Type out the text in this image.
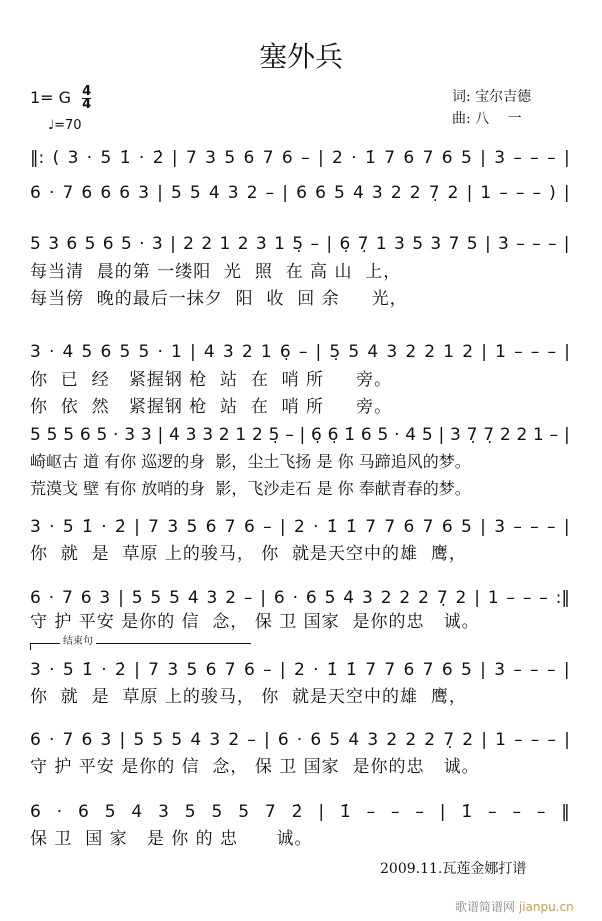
塞外兵
1= G $\frac{4}{4}$
♩=70
词: 宝尔吉德
曲: 八　 一
‖: ( 3 · 5 1̇ · 2̇ | 7 3 5 6 7 6 – | 2 · 1̇ 7 6 7 6 5 | 3 – – – |
6 · 7 6 6 6 3 | 5 5 4 3 2 – | 6 6 5 4 3 2 2 7̣ 2 | 1 – – – ) |
5 3 6 5 6 5 · 3 | 2 2 1 2 3 1 5̣ – | 6̣ 7̣ 1 3 5 3 7 5 | 3 – – – |
每当清  晨的第 一缕阳  光  照  在 高 山  上，
每当傍  晚的最后一抹夕  阳  收  回 余     光，
3 · 4 5 6 5 5 · 1 | 4 3 2 1 6̣ – | 5̣ 5 4 3 2 2 1 2 | 1 – – – |
你  已  经   紧握钢 枪  站  在  哨 所     旁。
你  依  然   紧握钢 枪  站  在  哨 所     旁。
5 5 5 6 5 · 3 3 | 4 3 3 2 1 2 5̣ – | 6̣ 6̣ 1̇ 6 5 · 4 5 | 3 7̣ 7̣ 2 2 1 – |
崎岖古 道 有你 巡逻的身  影，尘土飞扬 是 你 马蹄追风的梦。
荒漠戈 壁 有你 放哨的身  影，飞沙走石 是 你 奉献青春的梦。
3 · 5 1̇ · 2̇ | 7 3 5 6 7 6 – | 2 · 1̇ 1̇ 7 7 6 7 6 5 | 3 – – – |
你  就  是  草原 上的骏马， 你  就是天空中的雄  鹰，
6 · 7 6 3 | 5 5 5 4 3 2 – | 6 · 6 5 4 3 2 2 2 7̣ 2 | 1 – – – :‖
守 护 平安 是你的 信  念， 保 卫 国家  是你的忠   诚。
结束句
3 · 5 1̇ · 2̇ | 7 3 5 6 7 6 – | 2 · 1̇ 1̇ 7 7 6 7 6 5 | 3 – – – |
你  就  是  草原 上的骏马， 你  就是天空中的雄  鹰，
6 · 7 6 3 | 5 5 5 4 3 2 – | 6 · 6 5 4 3 2 2 2 7̣ 2 | 1 – – – |
守 护 平安 是你的 信  念， 保 卫 国家  是你的忠   诚。
6 · 6 5 4 3 5 5 5 7 2̇ | 1̇ – – – | 1̇ – – – ‖
保 卫  国 家   是 你 的 忠      诚。
2009.11.瓦莲金娜打谱
歌谱简谱网 jianpu.cn
